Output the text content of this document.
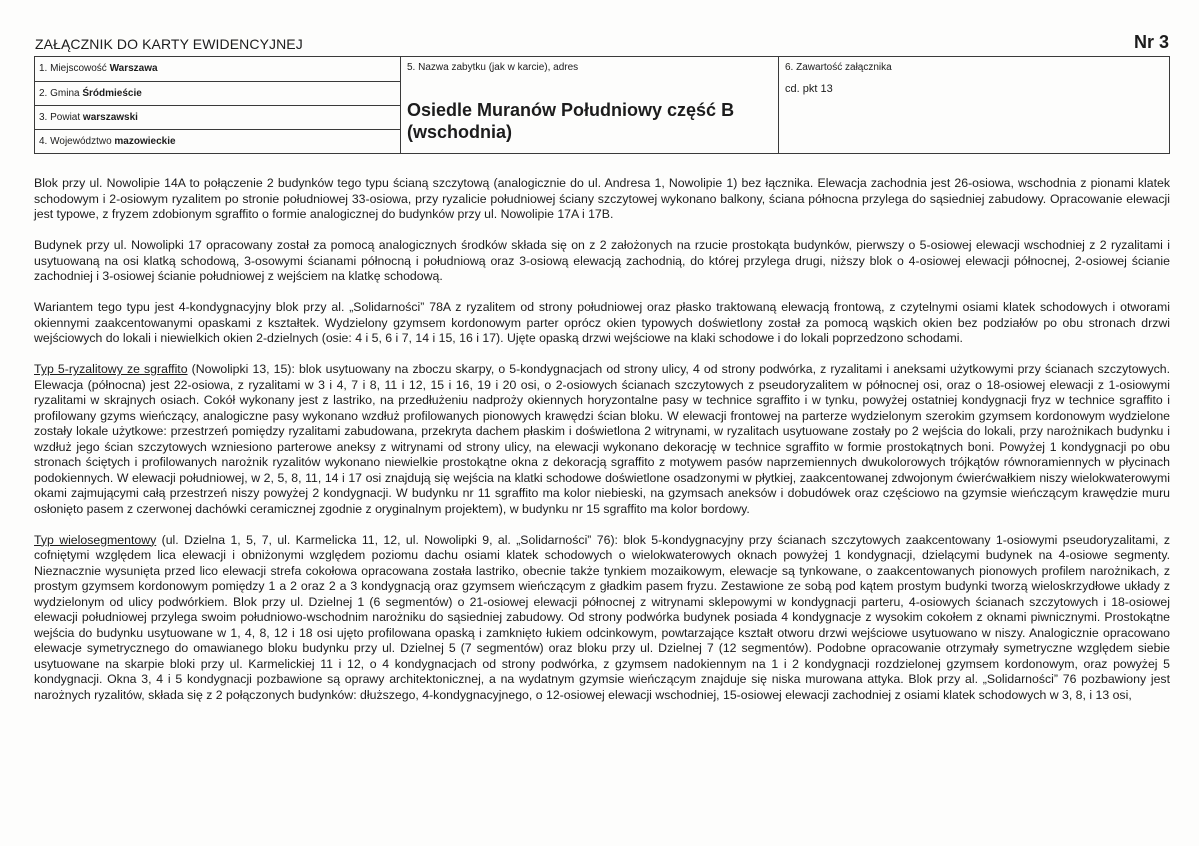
ZAŁĄCZNIK DO KARTY EWIDENCYJNEJ	Nr 3
1. Miejscowość Warszawa
2. Gmina Śródmieście
3. Powiat warszawski
4. Województwo mazowieckie
5. Nazwa zabytku (jak w karcie), adres
Osiedle Muranów Południowy część B (wschodnia)
6. Zawartość załącznika
cd. pkt 13

Blok przy ul. Nowolipie 14A to połączenie 2 budynków tego typu ścianą szczytową (analogicznie do ul. Andresa 1, Nowolipie 1) bez łącznika. Elewacja zachodnia jest 26-osiowa, wschodnia z pionami klatek schodowym i 2-osiowym ryzalitem po stronie południowej 33-osiowa, przy ryzalicie południowej ściany szczytowej wykonano balkony, ściana północna przylega do sąsiedniej zabudowy. Opracowanie elewacji jest typowe, z fryzem zdobionym sgraffito o formie analogicznej do budynków przy ul. Nowolipie 17A i 17B.

Budynek przy ul. Nowolipki 17 opracowany został za pomocą analogicznych środków składa się on z 2 założonych na rzucie prostokąta budynków, pierwszy o 5-osiowej elewacji wschodniej z 2 ryzalitami i usytuowaną na osi klatką schodową, 3-osowymi ścianami północną i południową oraz 3-osiową elewacją zachodnią, do której przylega drugi, niższy blok o 4-osiowej elewacji północnej, 2-osiowej ścianie zachodniej i 3-osiowej ścianie południowej z wejściem na klatkę schodową.

Wariantem tego typu jest 4-kondygnacyjny blok przy al. „Solidarności” 78A z ryzalitem od strony południowej oraz płasko traktowaną elewacją frontową, z czytelnymi osiami klatek schodowych i otworami okiennymi zaakcentowanymi opaskami z kształtek. Wydzielony gzymsem kordonowym parter oprócz okien typowych doświetlony został za pomocą wąskich okien bez podziałów po obu stronach drzwi wejściowych do lokali i niewielkich okien 2-dzielnych (osie: 4 i 5, 6 i 7, 14 i 15, 16 i 17). Ujęte opaską drzwi wejściowe na klaki schodowe i do lokali poprzedzono schodami.

Typ 5-ryzalitowy ze sgraffito (Nowolipki 13, 15): blok usytuowany na zboczu skarpy, o 5-kondygnacjach od strony ulicy, 4 od strony podwórka, z ryzalitami i aneksami użytkowymi przy ścianach szczytowych. Elewacja (północna) jest 22-osiowa, z ryzalitami w 3 i 4, 7 i 8, 11 i 12, 15 i 16, 19 i 20 osi, o 2-osiowych ścianach szczytowych z pseudoryzalitem w północnej osi, oraz o 18-osiowej elewacji z 1-osiowymi ryzalitami w skrajnych osiach. Cokół wykonany jest z lastriko, na przedłużeniu nadproży okiennych horyzontalne pasy w technice sgraffito i w tynku, powyżej ostatniej kondygnacji fryz w technice sgraffito i profilowany gzyms wieńczący, analogiczne pasy wykonano wzdłuż profilowanych pionowych krawędzi ścian bloku. W elewacji frontowej na parterze wydzielonym szerokim gzymsem kordonowym wydzielone zostały lokale użytkowe: przestrzeń pomiędzy ryzalitami zabudowana, przekryta dachem płaskim i doświetlona 2 witrynami, w ryzalitach usytuowane zostały po 2 wejścia do lokali, przy narożnikach budynku i wzdłuż jego ścian szczytowych wzniesiono parterowe aneksy z witrynami od strony ulicy, na elewacji wykonano dekorację w technice sgraffito w formie prostokątnych boni. Powyżej 1 kondygnacji po obu stronach ściętych i profilowanych narożnik ryzalitów wykonano niewielkie prostokątne okna z dekoracją sgraffito z motywem pasów naprzemiennych dwukolorowych trójkątów równoramiennych w płycinach podokiennych. W elewacji południowej, w 2, 5, 8, 11, 14 i 17 osi znajdują się wejścia na klatki schodowe doświetlone osadzonymi w płytkiej, zaakcentowanej zdwojonym ćwierćwałkiem niszy wielokwaterowymi okami zajmującymi całą przestrzeń niszy powyżej 2 kondygnacji. W budynku nr 11 sgraffito ma kolor niebieski, na gzymsach aneksów i dobudówek oraz częściowo na gzymsie wieńczącym krawędzie muru osłonięto pasem z czerwonej dachówki ceramicznej zgodnie z oryginalnym projektem), w budynku nr 15 sgraffito ma kolor bordowy.

Typ wielosegmentowy (ul. Dzielna 1, 5, 7, ul. Karmelicka 11, 12, ul. Nowolipki 9, al. „Solidarności” 76): blok 5-kondygnacyjny przy ścianach szczytowych zaakcentowany 1-osiowymi pseudoryzalitami, z cofniętymi względem lica elewacji i obniżonymi względem poziomu dachu osiami klatek schodowych o wielokwaterowych oknach powyżej 1 kondygnacji, dzielącymi budynek na 4-osiowe segmenty. Nieznacznie wysunięta przed lico elewacji strefa cokołowa opracowana została lastriko, obecnie także tynkiem mozaikowym, elewacje są tynkowane, o zaakcentowanych pionowych profilem narożnikach, z prostym gzymsem kordonowym pomiędzy 1 a 2 oraz 2 a 3 kondygnacją oraz gzymsem wieńczącym z gładkim pasem fryzu. Zestawione ze sobą pod kątem prostym budynki tworzą wieloskrzydłowe układy z wydzielonym od ulicy podwórkiem. Blok przy ul. Dzielnej 1 (6 segmentów) o 21-osiowej elewacji północnej z witrynami sklepowymi w kondygnacji parteru, 4-osiowych ścianach szczytowych i 18-osiowej elewacji południowej przylega swoim południowo-wschodnim narożniku do sąsiedniej zabudowy. Od strony podwórka budynek posiada 4 kondygnacje z wysokim cokołem z oknami piwnicznymi. Prostokątne wejścia do budynku usytuowane w 1, 4, 8, 12 i 18 osi ujęto profilowana opaską i zamknięto łukiem odcinkowym, powtarzające kształt otworu drzwi wejściowe usytuowano w niszy. Analogicznie opracowano elewacje symetrycznego do omawianego bloku budynku przy ul. Dzielnej 5 (7 segmentów) oraz bloku przy ul. Dzielnej 7 (12 segmentów). Podobne opracowanie otrzymały symetryczne względem siebie usytuowane na skarpie bloki przy ul. Karmelickiej 11 i 12, o 4 kondygnacjach od strony podwórka, z gzymsem nadokiennym na 1 i 2 kondygnacji rozdzielonej gzymsem kordonowym, oraz powyżej 5 kondygnacji. Okna 3, 4 i 5 kondygnacji pozbawione są oprawy architektonicznej, a na wydatnym gzymsie wieńczącym znajduje się niska murowana attyka. Blok przy al. „Solidarności” 76 pozbawiony jest narożnych ryzalitów, składa się z 2 połączonych budynków: dłuższego, 4-kondygnacyjnego, o 12-osiowej elewacji wschodniej, 15-osiowej elewacji zachodniej z osiami klatek schodowych w 3, 8, i 13 osi,
